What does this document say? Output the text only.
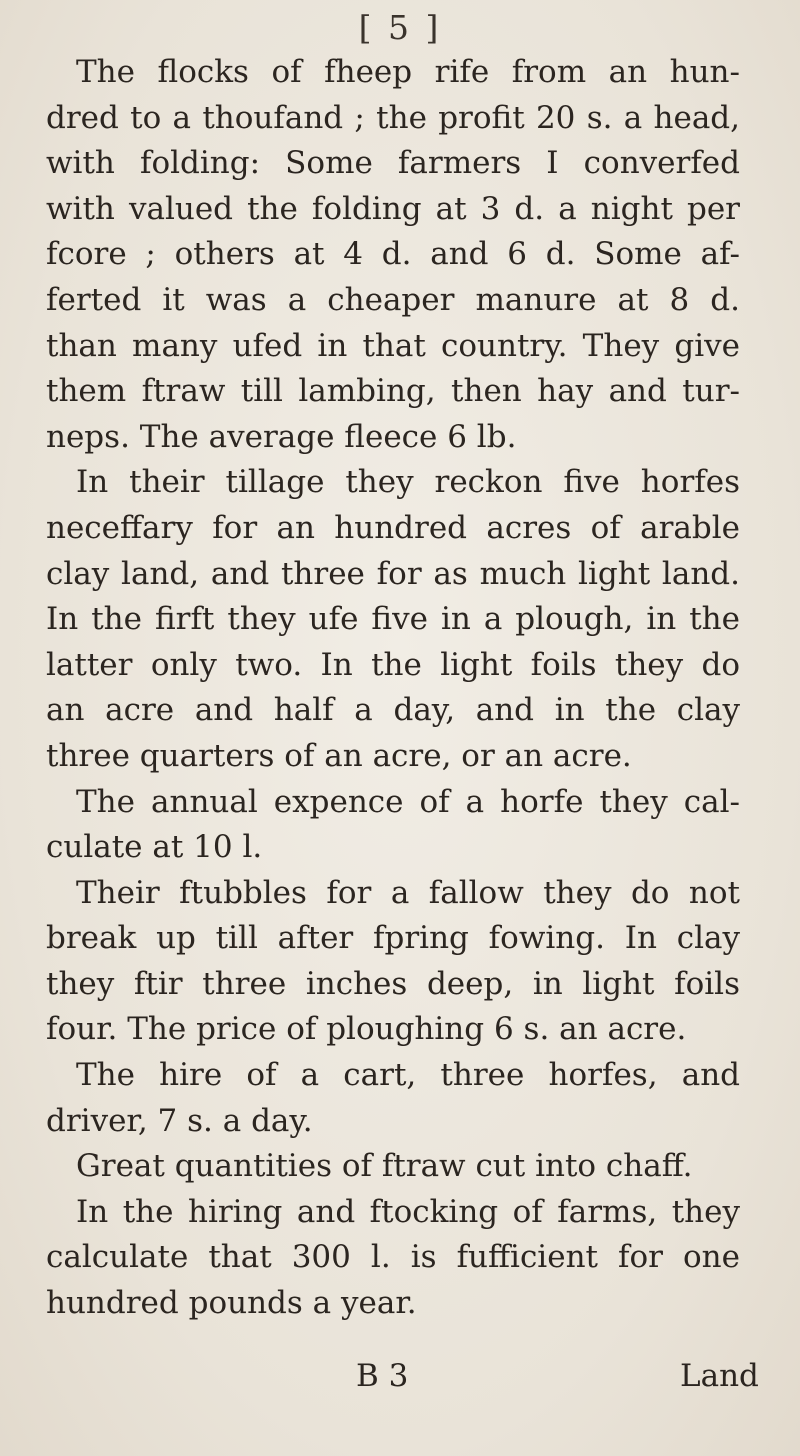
[ 5 ]

The flocks of fheep rife from an hun-
dred to a thoufand ; the profit 20 s. a head,
with folding: Some farmers I converfed
with valued the folding at 3 d. a night per
fcore ; others at 4 d. and 6 d. Some af-
ferted it was a cheaper manure at 8 d.
than many ufed in that country. They give
them ftraw till lambing, then hay and tur-
neps. The average fleece 6 lb.

In their tillage they reckon five horfes
neceffary for an hundred acres of arable
clay land, and three for as much light land.
In the firft they ufe five in a plough, in the
latter only two. In the light foils they do
an acre and half a day, and in the clay
three quarters of an acre, or an acre.

The annual expence of a horfe they cal-
culate at 10 l.

Their ftubbles for a fallow they do not
break up till after fpring fowing. In clay
they ftir three inches deep, in light foils
four. The price of ploughing 6 s. an acre.

The hire of a cart, three horfes, and
driver, 7 s. a day.

Great quantities of ftraw cut into chaff.

In the hiring and ftocking of farms, they
calculate that 300 l. is fufficient for one
hundred pounds a year.

B 3	Land
